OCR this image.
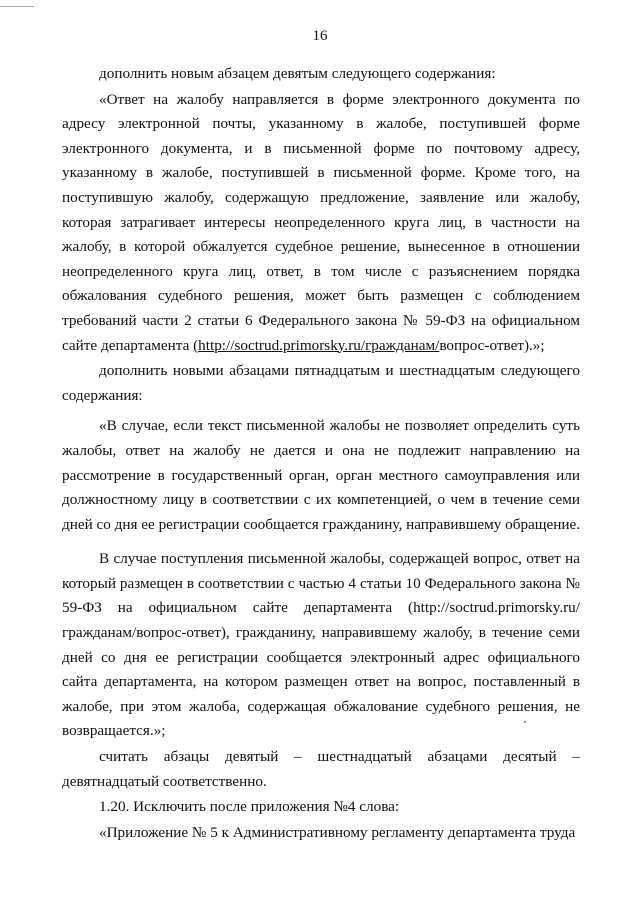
16

дополнить новым абзацем девятым следующего содержания:

«Ответ на жалобу направляется в форме электронного документа по адресу электронной почты, указанному в жалобе, поступившей форме электронного документа, и в письменной форме по почтовому адресу, указанному в жалобе, поступившей в письменной форме. Кроме того, на поступившую жалобу, содержащую предложение, заявление или жалобу, которая затрагивает интересы неопределенного круга лиц, в частности на жалобу, в которой обжалуется судебное решение, вынесенное в отношении неопределенного круга лиц, ответ, в том числе с разъяснением порядка обжалования судебного решения, может быть размещен с соблюдением требований части 2 статьи 6 Федерального закона № 59-ФЗ на официальном сайте департамента (http://soctrud.primorsky.ru/гражданам/вопрос-ответ).»;

дополнить новыми абзацами пятнадцатым и шестнадцатым следующего содержания:

«В случае, если текст письменной жалобы не позволяет определить суть жалобы, ответ на жалобу не дается и она не подлежит направлению на рассмотрение в государственный орган, орган местного самоуправления или должностному лицу в соответствии с их компетенцией, о чем в течение семи дней со дня ее регистрации сообщается гражданину, направившему обращение.

В случае поступления письменной жалобы, содержащей вопрос, ответ на который размещен в соответствии с частью 4 статьи 10 Федерального закона № 59-ФЗ на официальном сайте департамента (http://soctrud.primorsky.ru/ гражданам/вопрос-ответ), гражданину, направившему жалобу, в течение семи дней со дня ее регистрации сообщается электронный адрес официального сайта департамента, на котором размещен ответ на вопрос, поставленный в жалобе, при этом жалоба, содержащая обжалование судебного решения, не возвращается.»;

считать абзацы девятый – шестнадцатый абзацами десятый – девятнадцатый соответственно.

1.20. Исключить после приложения №4 слова:

«Приложение № 5 к Административному регламенту департамента труда
